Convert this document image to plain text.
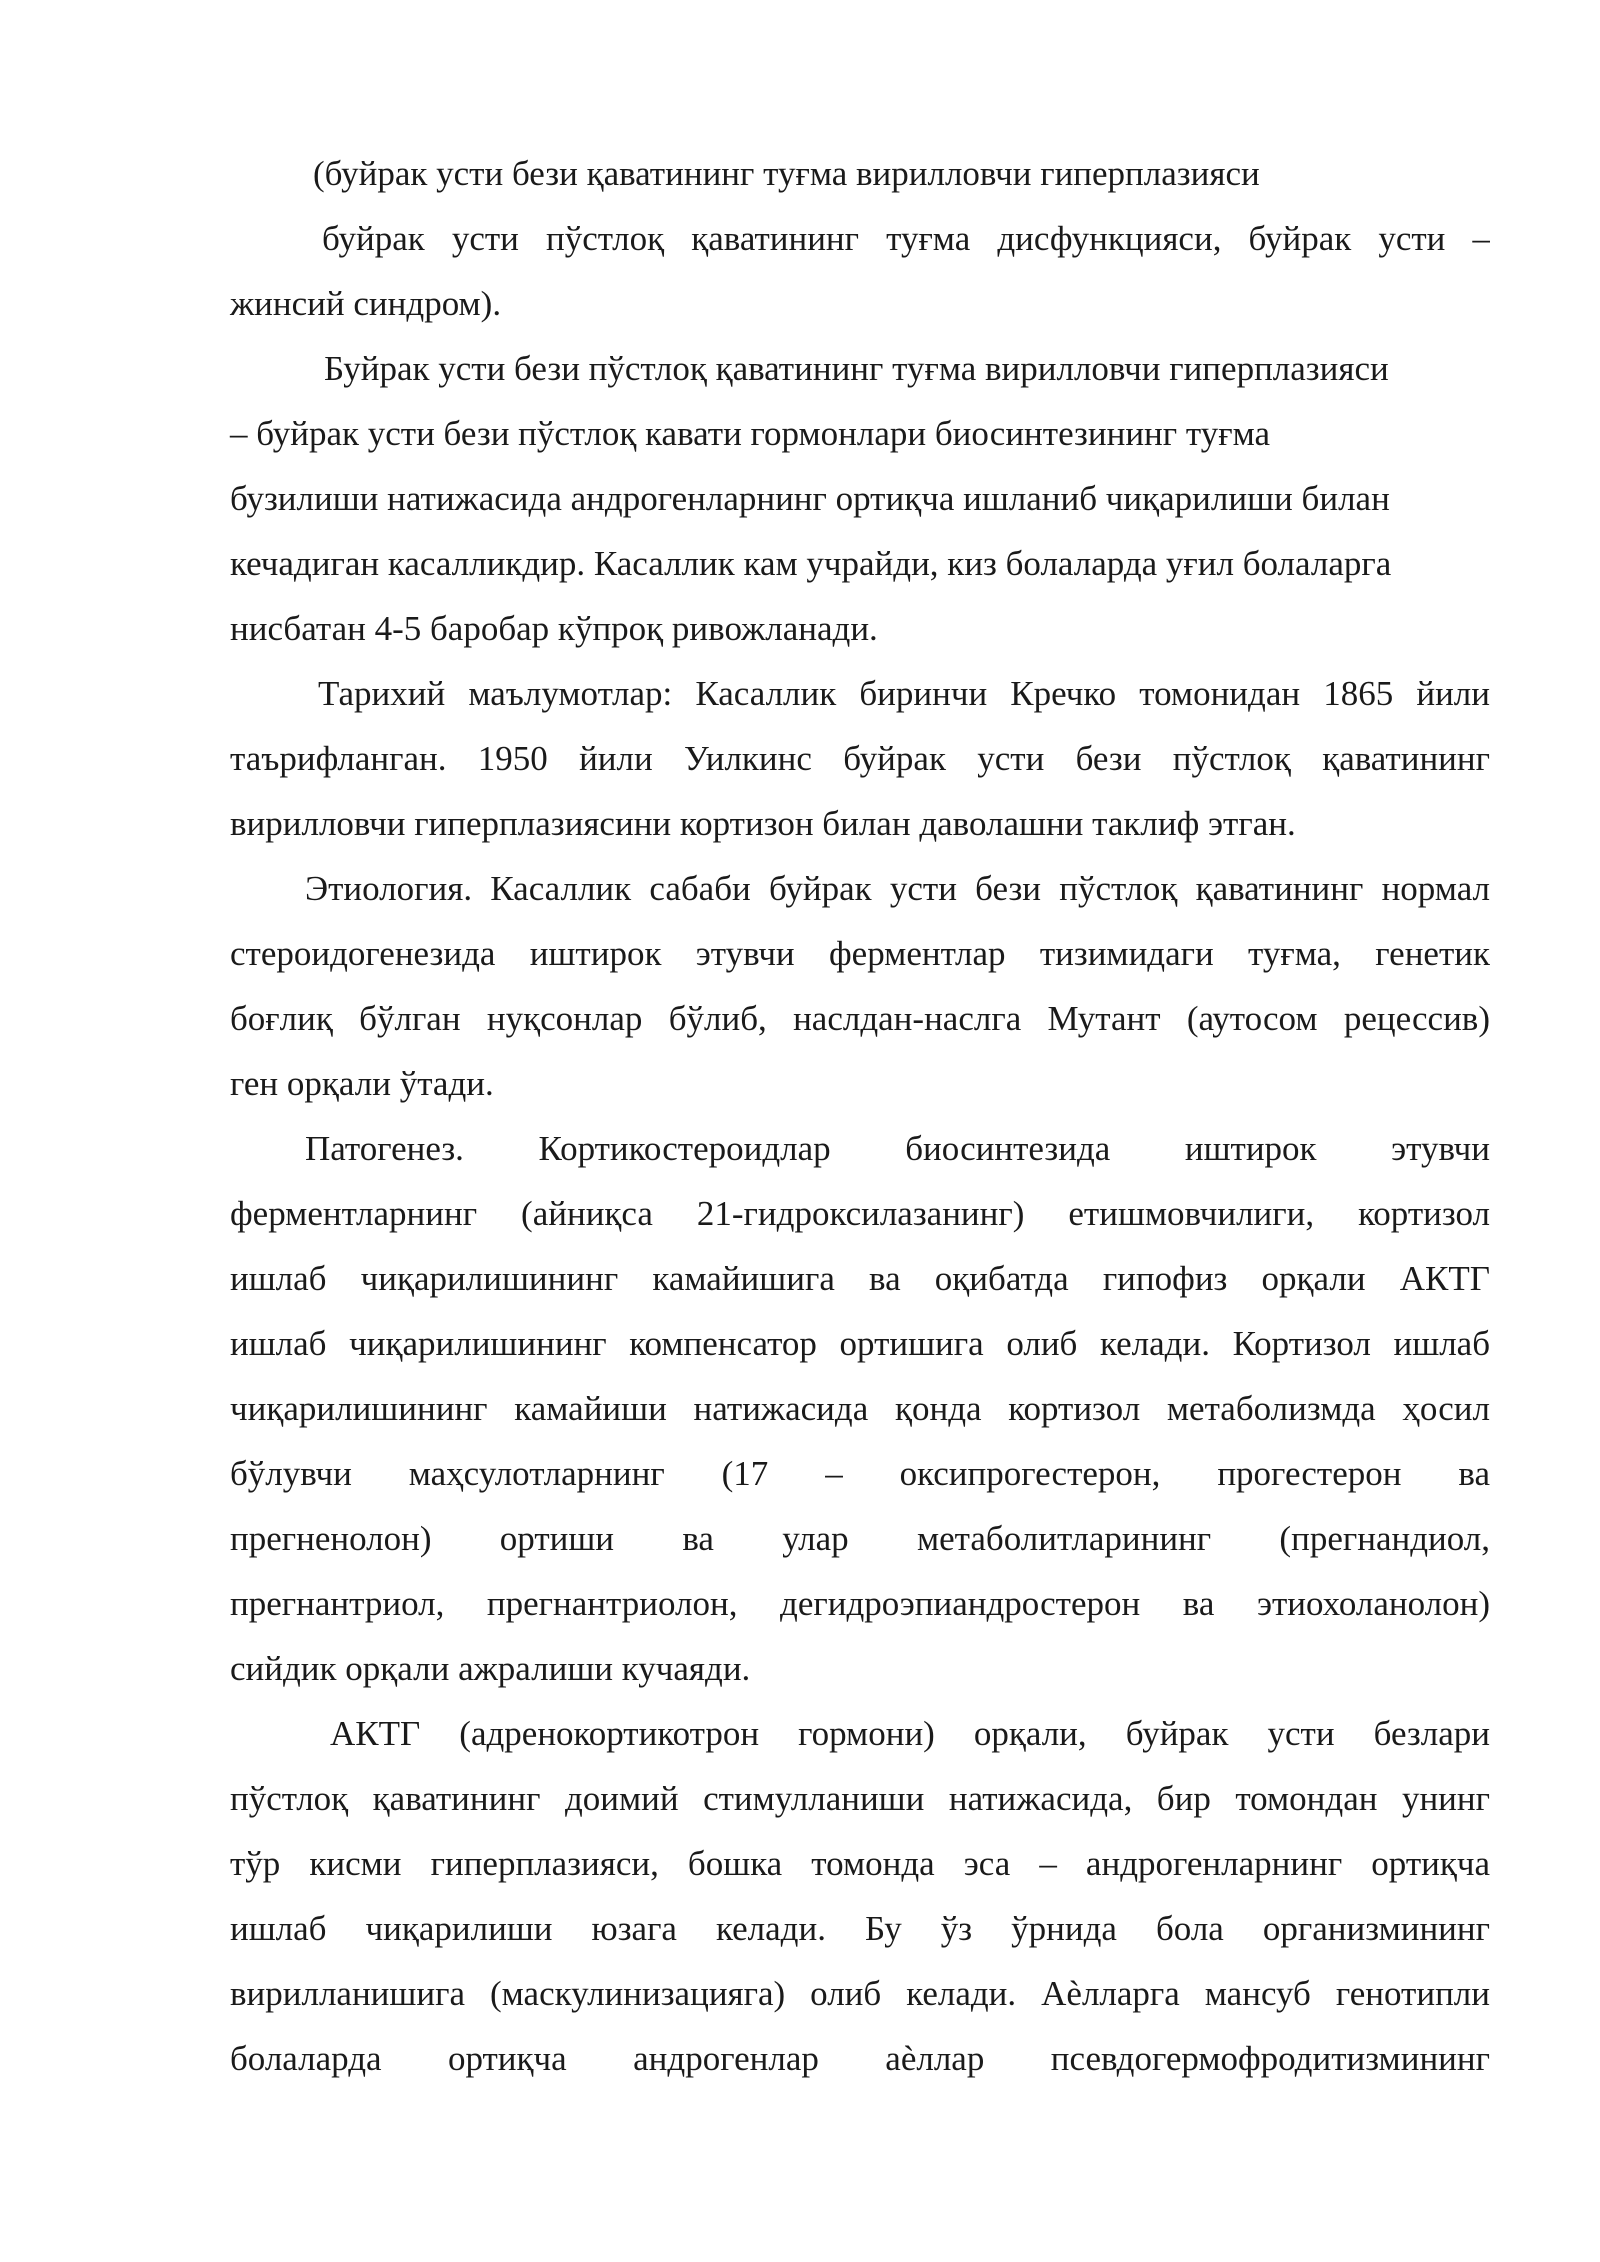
(буйрак усти бези қаватининг туғма вирилловчи гиперплазияси
буйрак усти пўстлоқ қаватининг туғма дисфункцияси, буйрак усти –
жинсий синдром).
Буйрак усти бези пўстлоқ қаватининг туғма вирилловчи гиперплазияси
– буйрак усти бези пўстлоқ кавати гормонлари биосинтезининг туғма
бузилиши натижасида андрогенларнинг ортиқча ишланиб чиқарилиши билан
кечадиган касалликдир. Касаллик кам учрайди, киз болаларда уғил болаларга
нисбатан 4-5 баробар кўпроқ ривожланади.
Тарихий маълумотлар: Касаллик биринчи Кречко томонидан 1865 йили
таърифланган. 1950 йили Уилкинс буйрак усти бези пўстлоқ қаватининг
вирилловчи гиперплазиясини кортизон билан даволашни таклиф этган.
Этиология. Касаллик сабаби буйрак усти бези пўстлоқ қаватининг нормал
стероидогенезида иштирок этувчи ферментлар тизимидаги туғма, генетик
боғлиқ бўлган нуқсонлар бўлиб, наслдан-наслга Мутант (аутосом рецессив)
ген орқали ўтади.
Патогенез. Кортикостероидлар биосинтезида иштирок этувчи
ферментларнинг (айниқса 21-гидроксилазанинг) етишмовчилиги, кортизол
ишлаб чиқарилишининг камайишига ва оқибатда гипофиз орқали АКТГ
ишлаб чиқарилишининг компенсатор ортишига олиб келади. Кортизол ишлаб
чиқарилишининг камайиши натижасида қонда кортизол метаболизмда ҳосил
бўлувчи маҳсулотларнинг (17 – оксипрогестерон, прогестерон ва
прегненолон) ортиши ва улар метаболитларининг (прегнандиол,
прегнантриол, прегнантриолон, дегидроэпиандростерон ва этиохоланолон)
сийдик орқали ажралиши кучаяди.
АКТГ (адренокортикотрон гормони) орқали, буйрак усти безлари
пўстлоқ қаватининг доимий стимулланиши натижасида, бир томондан унинг
тўр кисми гиперплазияси, бошка томонда эса – андрогенларнинг ортиқча
ишлаб чиқарилиши юзага келади. Бу ўз ўрнида бола организмининг
вирилланишига (маскулинизацияга) олиб келади. Аѐлларга мансуб генотипли
болаларда ортиқча андрогенлар аѐллар псевдогермофродитизмининг
